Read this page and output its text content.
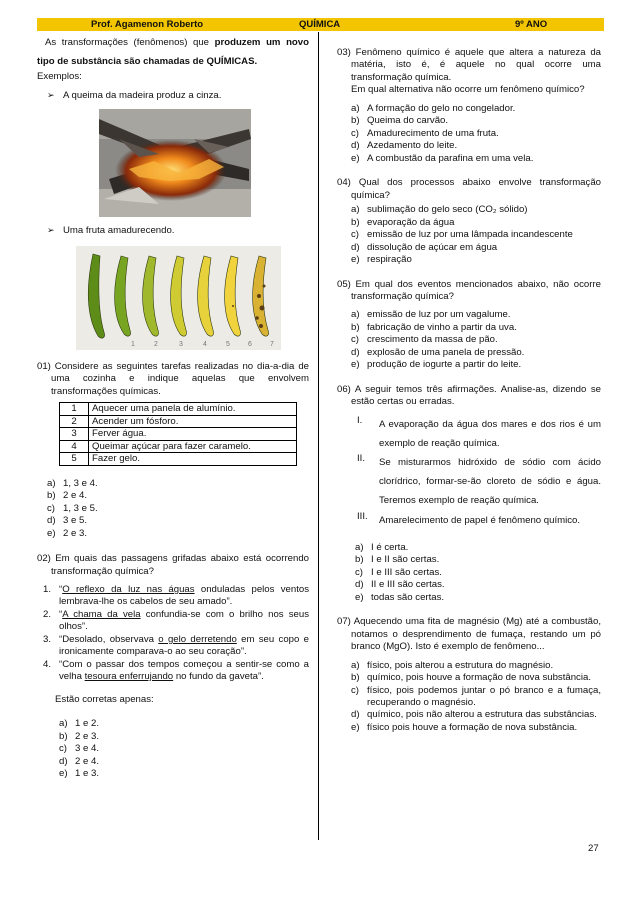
Prof. Agamenon Roberto	QUÍMICA	9º ANO

As transformações (fenômenos) que produzem um novo tipo de substância são chamadas de QUÍMICAS.

Exemplos:

➢ A queima da madeira produz a cinza.
➢ Uma fruta amadurecendo.
1	2	3	4	5	6	7

01) Considere as seguintes tarefas realizadas no dia-a-dia de uma cozinha e indique aquelas que envolvem transformações químicas.

1	Aquecer uma panela de alumínio.
2	Acender um fósforo.
3	Ferver água.
4	Queimar açúcar para fazer caramelo.
5	Fazer gelo.
a) 1, 3 e 4.
b) 2 e 4.
c) 1, 3 e 5.
d) 3 e 5.
e) 2 e 3.

02) Em quais das passagens grifadas abaixo está ocorrendo transformação química?

1. “O reflexo da luz nas águas onduladas pelos ventos lembrava-lhe os cabelos de seu amado”.
2. “A chama da vela confundia-se com o brilho nos seus olhos”.
3. “Desolado, observava o gelo derretendo em seu copo e ironicamente comparava-o ao seu coração”.
4. “Com o passar dos tempos começou a sentir-se como a velha tesoura enferrujando no fundo da gaveta”.

Estão corretas apenas:

a) 1 e 2.
b) 2 e 3.
c) 3 e 4.
d) 2 e 4.
e) 1 e 3.

03) Fenômeno químico é aquele que altera a natureza da matéria, isto é, é aquele no qual ocorre uma transformação química.

Em qual alternativa não ocorre um fenômeno químico?

a) A formação do gelo no congelador.
b) Queima do carvão.
c) Amadurecimento de uma fruta.
d) Azedamento do leite.
e) A combustão da parafina em uma vela.

04) Qual dos processos abaixo envolve transformação química?

a) sublimação do gelo seco (CO₂ sólido)
b) evaporação da água
c) emissão de luz por uma lâmpada incandescente
d) dissolução de açúcar em água
e) respiração

05) Em qual dos eventos mencionados abaixo, não ocorre transformação química?

a) emissão de luz por um vagalume.
b) fabricação de vinho a partir da uva.
c) crescimento da massa de pão.
d) explosão de uma panela de pressão.
e) produção de iogurte a partir do leite.

06) A seguir temos três afirmações. Analise-as, dizendo se estão certas ou erradas.

I.	A evaporação da água dos mares e dos rios é um exemplo de reação química.
II.	Se misturarmos hidróxido de sódio com ácido clorídrico, formar-se-ão cloreto de sódio e água. Teremos exemplo de reação química.
III.	Amarelecimento de papel é fenômeno químico.
a) I é certa.
b) I e II são certas.
c) I e III são certas.
d) II e III são certas.
e) todas são certas.

07) Aquecendo uma fita de magnésio (Mg) até a combustão, notamos o desprendimento de fumaça, restando um pó branco (MgO). Isto é exemplo de fenômeno...

a) físico, pois alterou a estrutura do magnésio.
b) químico, pois houve a formação de nova substância.
c) físico, pois podemos juntar o pó branco e a fumaça, recuperando o magnésio.
d) químico, pois não alterou a estrutura das substâncias.
e) físico pois houve a formação de nova substância.
27
